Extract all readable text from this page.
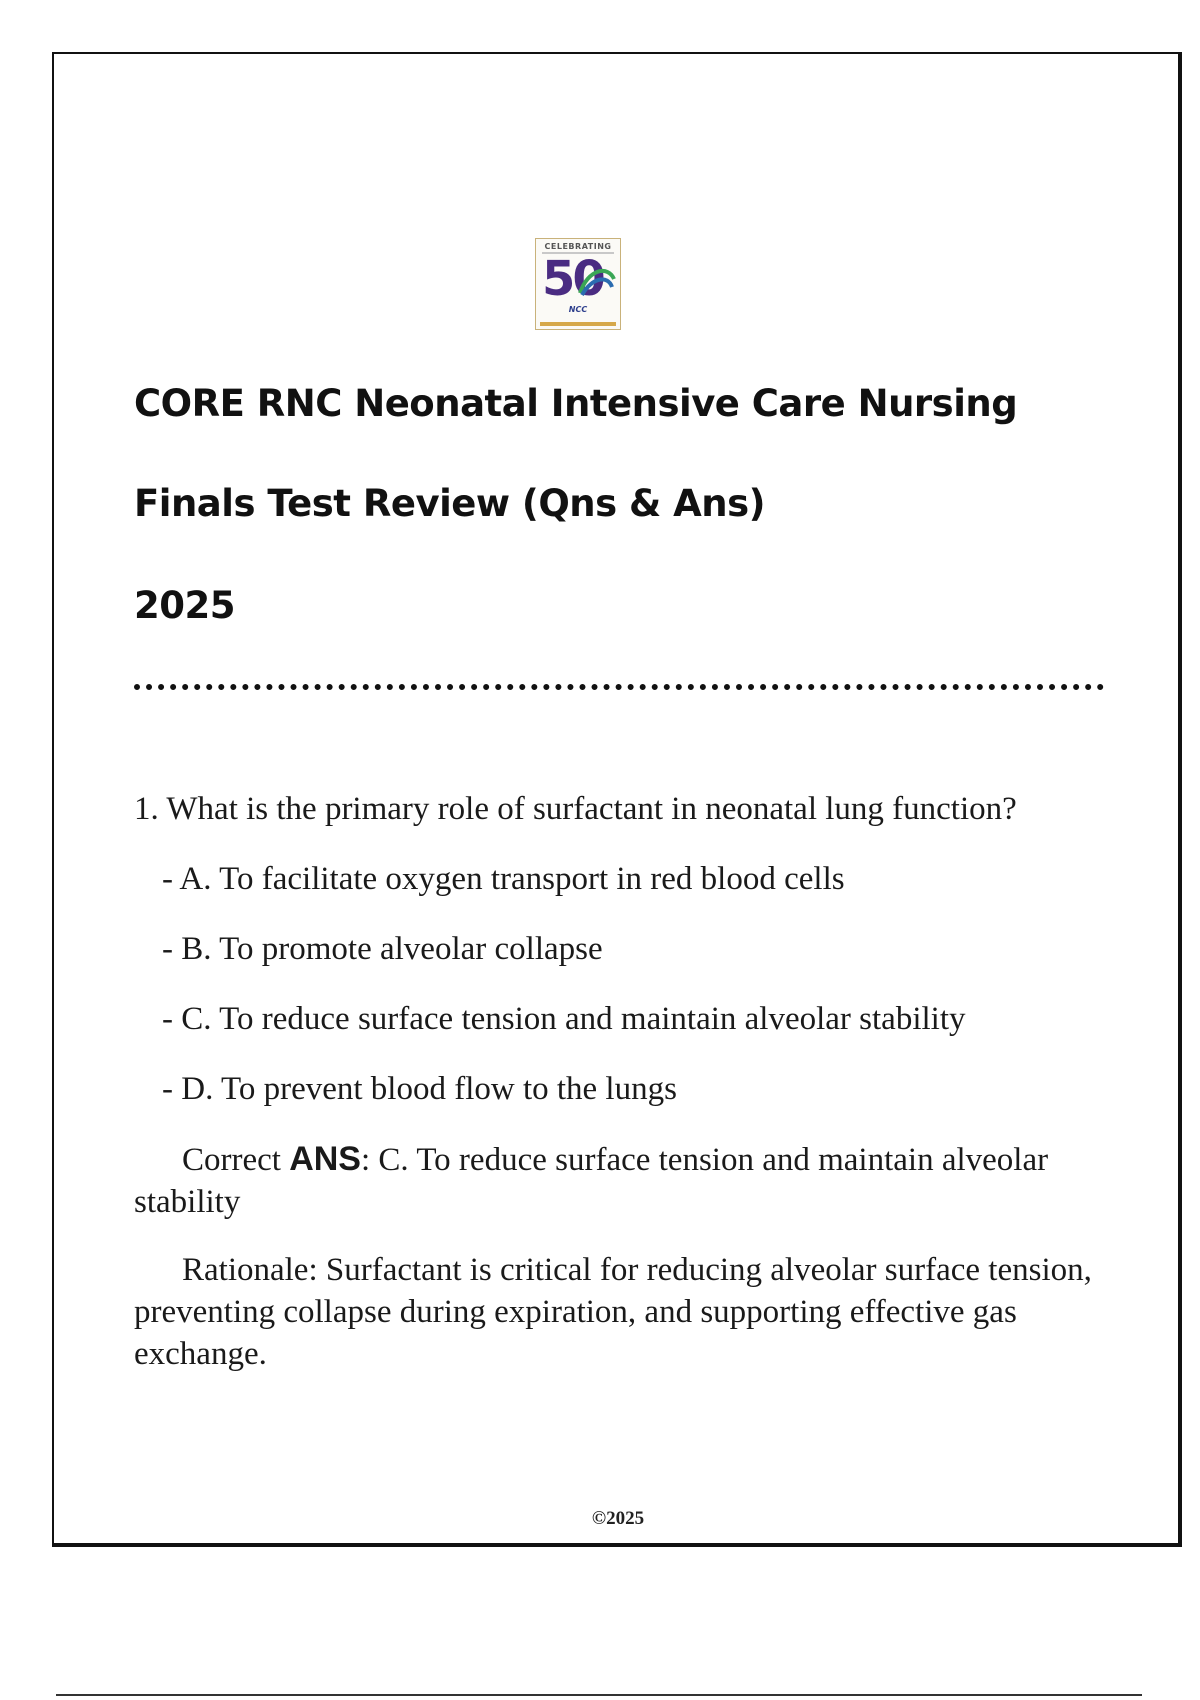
CELEBRATING
50
NCC
CORE RNC Neonatal Intensive Care Nursing
Finals Test Review (Qns & Ans)
2025

1. What is the primary role of surfactant in neonatal lung function?

- A. To facilitate oxygen transport in red blood cells
- B. To promote alveolar collapse
- C. To reduce surface tension and maintain alveolar stability
- D. To prevent blood flow to the lungs

Correct ANS: C. To reduce surface tension and maintain alveolar stability

Rationale: Surfactant is critical for reducing alveolar surface tension, preventing collapse during expiration, and supporting effective gas exchange.

©2025
